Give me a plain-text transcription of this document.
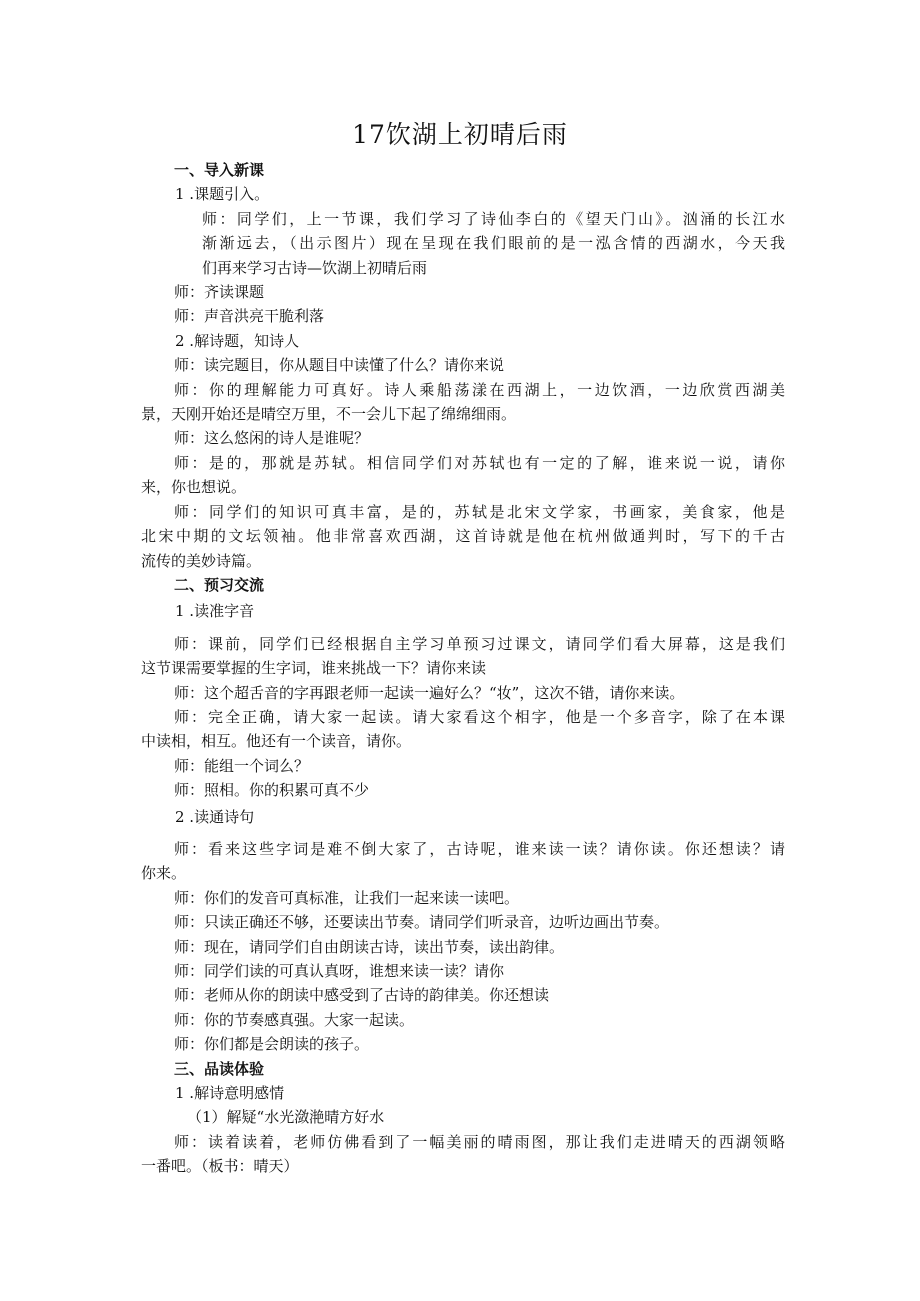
17饮湖上初晴后雨
一、导入新课
1 .课题引入。
师：同学们，上一节课，我们学习了诗仙李白的《望天门山》。汹涌的长江水
渐渐远去，（出示图片）现在呈现在我们眼前的是一泓含情的西湖水，今天我
们再来学习古诗—饮湖上初晴后雨
师：齐读课题
师：声音洪亮干脆利落
2 .解诗题，知诗人
师：读完题目，你从题目中读懂了什么？请你来说
师：你的理解能力可真好。诗人乘船荡漾在西湖上，一边饮酒，一边欣赏西湖美
景，天刚开始还是晴空万里，不一会儿下起了绵绵细雨。
师：这么悠闲的诗人是谁呢？
师：是的，那就是苏轼。相信同学们对苏轼也有一定的了解，谁来说一说，请你
来，你也想说。
师：同学们的知识可真丰富，是的，苏轼是北宋文学家，书画家，美食家，他是
北宋中期的文坛领袖。他非常喜欢西湖，这首诗就是他在杭州做通判时，写下的千古
流传的美妙诗篇。
二、预习交流
1 .读准字音
师：课前，同学们已经根据自主学习单预习过课文，请同学们看大屏幕，这是我们
这节课需要掌握的生字词，谁来挑战一下？请你来读
师：这个超舌音的字再跟老师一起读一遍好么？“妆”，这次不错，请你来读。
师：完全正确，请大家一起读。请大家看这个相字，他是一个多音字，除了在本课
中读相，相互。他还有一个读音，请你。
师：能组一个词么？
师：照相。你的积累可真不少
2 .读通诗句
师：看来这些字词是难不倒大家了，古诗呢，谁来读一读？请你读。你还想读？请
你来。
师：你们的发音可真标准，让我们一起来读一读吧。
师：只读正确还不够，还要读出节奏。请同学们听录音，边听边画出节奏。
师：现在，请同学们自由朗读古诗，读出节奏，读出韵律。
师：同学们读的可真认真呀，谁想来读一读？请你
师：老师从你的朗读中感受到了古诗的韵律美。你还想读
师：你的节奏感真强。大家一起读。
师：你们都是会朗读的孩子。
三、品读体验
1 .解诗意明感情
（1）解疑“水光潋滟晴方好水
师：读着读着，老师仿佛看到了一幅美丽的晴雨图，那让我们走进晴天的西湖领略
一番吧。（板书：晴天）
